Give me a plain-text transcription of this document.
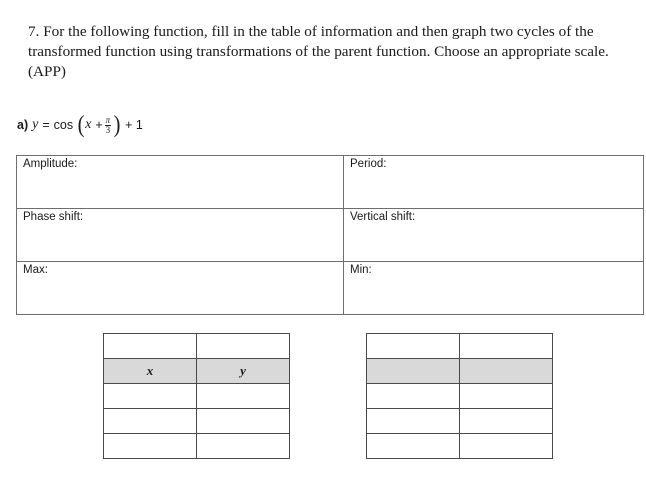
7. For the following function, fill in the table of information and then graph two cycles of the transformed function using transformations of the parent function. Choose an appropriate scale. (APP)

a) y = cos ( $x + \frac{\pi}{3}$ ) + 1
Amplitude:	Period:
Phase shift:	Vertical shift:
Max:	Min:

x	y
